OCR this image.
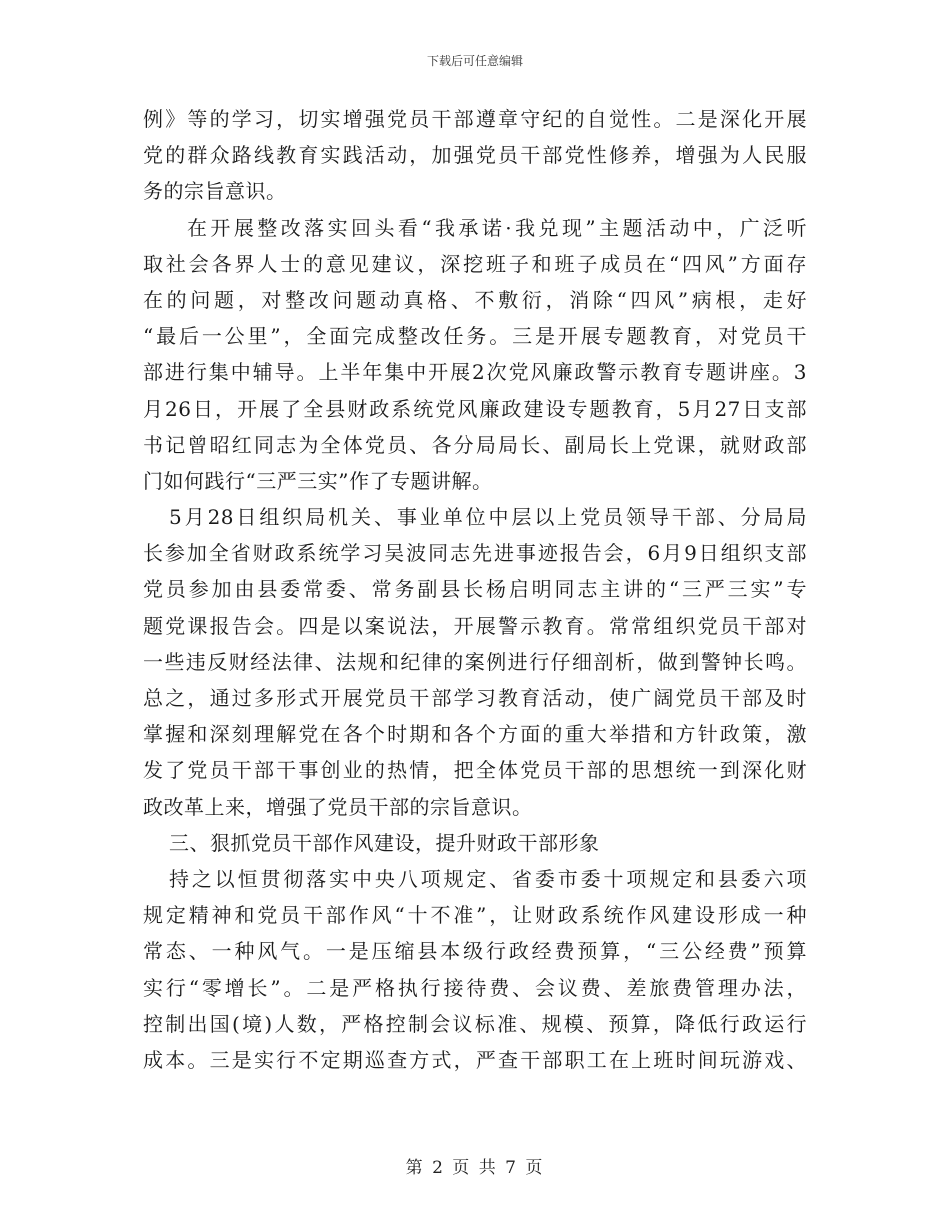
下载后可任意编辑
例》等的学习，切实增强党员干部遵章守纪的自觉性。二是深化开展
党的群众路线教育实践活动，加强党员干部党性修养，增强为人民服
务的宗旨意识。
在开展整改落实回头看“我承诺·我兑现”主题活动中，广泛听
取社会各界人士的意见建议，深挖班子和班子成员在“四风”方面存
在的问题，对整改问题动真格、不敷衍，消除“四风”病根，走好
“最后一公里”，全面完成整改任务。三是开展专题教育，对党员干
部进行集中辅导。上半年集中开展2次党风廉政警示教育专题讲座。3
月26日，开展了全县财政系统党风廉政建设专题教育，5月27日支部
书记曾昭红同志为全体党员、各分局局长、副局长上党课，就财政部
门如何践行“三严三实”作了专题讲解。
5月28日组织局机关、事业单位中层以上党员领导干部、分局局
长参加全省财政系统学习吴波同志先进事迹报告会，6月9日组织支部
党员参加由县委常委、常务副县长杨启明同志主讲的“三严三实”专
题党课报告会。四是以案说法，开展警示教育。常常组织党员干部对
一些违反财经法律、法规和纪律的案例进行仔细剖析，做到警钟长鸣。
总之，通过多形式开展党员干部学习教育活动，使广阔党员干部及时
掌握和深刻理解党在各个时期和各个方面的重大举措和方针政策，激
发了党员干部干事创业的热情，把全体党员干部的思想统一到深化财
政改革上来，增强了党员干部的宗旨意识。
三、狠抓党员干部作风建设，提升财政干部形象
持之以恒贯彻落实中央八项规定、省委市委十项规定和县委六项
规定精神和党员干部作风“十不准”，让财政系统作风建设形成一种
常态、一种风气。一是压缩县本级行政经费预算，“三公经费”预算
实行“零增长”。二是严格执行接待费、会议费、差旅费管理办法，
控制出国(境)人数，严格控制会议标准、规模、预算，降低行政运行
成本。三是实行不定期巡查方式，严查干部职工在上班时间玩游戏、
第 2 页 共 7 页
